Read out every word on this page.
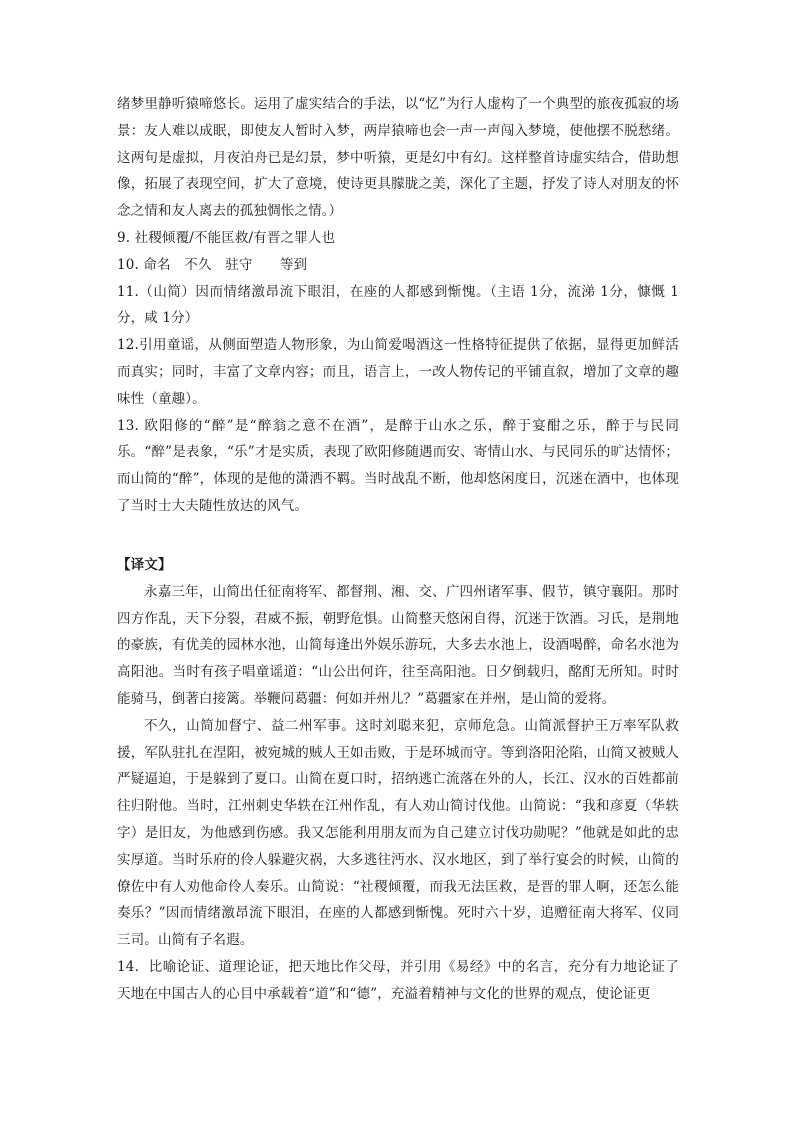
绪梦里静听猿啼悠长。运用了虚实结合的手法，以“忆”为行人虚构了一个典型的旅夜孤寂的场景：友人难以成眠，即使友人暂时入梦，两岸猿啼也会一声一声闯入梦境，使他摆不脱愁绪。这两句是虚拟，月夜泊舟已是幻景，梦中听猿，更是幻中有幻。这样整首诗虚实结合，借助想像，拓展了表现空间，扩大了意境，使诗更具朦胧之美，深化了主题，抒发了诗人对朋友的怀念之情和友人离去的孤独惆怅之情。）

9. 社稷倾覆/不能匡救/有晋之罪人也

10. 命名　不久　驻守　　等到

11.（山简）因而情绪激昂流下眼泪，在座的人都感到惭愧。（主语 1分，流涕 1分，慷慨 1分，咸 1分）

12.引用童谣，从侧面塑造人物形象，为山简爱喝酒这一性格特征提供了依据，显得更加鲜活而真实；同时，丰富了文章内容；而且，语言上，一改人物传记的平铺直叙，增加了文章的趣味性（童趣）。

13. 欧阳修的“醉”是“醉翁之意不在酒”，是醉于山水之乐，醉于宴酣之乐，醉于与民同乐。“醉”是表象，“乐”才是实质，表现了欧阳修随遇而安、寄情山水、与民同乐的旷达情怀；而山简的“醉”，体现的是他的潇洒不羁。当时战乱不断，他却悠闲度日，沉迷在酒中，也体现了当时士大夫随性放达的风气。

【译文】

永嘉三年，山简出任征南将军、都督荆、湘、交、广四州诸军事、假节，镇守襄阳。那时四方作乱，天下分裂，君威不振，朝野危惧。山简整天悠闲自得，沉迷于饮酒。习氏，是荆地的豪族，有优美的园林水池，山简每逢出外娱乐游玩，大多去水池上，设酒喝醉，命名水池为高阳池。当时有孩子唱童谣道：“山公出何许，往至高阳池。日夕倒载归，酩酊无所知。时时能骑马，倒著白接篱。举鞭问葛疆：何如并州儿？”葛疆家在并州，是山简的爱将。

不久，山简加督宁、益二州军事。这时刘聪来犯，京师危急。山简派督护王万率军队救援，军队驻扎在涅阳，被宛城的贼人王如击败，于是环城而守。等到洛阳沦陷，山简又被贼人严疑逼迫，于是躲到了夏口。山简在夏口时，招纳逃亡流落在外的人，长江、汉水的百姓都前往归附他。当时，江州刺史华轶在江州作乱，有人劝山简讨伐他。山简说：“我和彦夏（华轶字）是旧友，为他感到伤感。我又怎能利用朋友而为自己建立讨伐功勋呢？”他就是如此的忠实厚道。当时乐府的伶人躲避灾祸，大多逃往沔水、汉水地区，到了举行宴会的时候，山简的僚佐中有人劝他命伶人奏乐。山简说：“社稷倾覆，而我无法匡救，是晋的罪人啊，还怎么能奏乐？”因而情绪激昂流下眼泪，在座的人都感到惭愧。死时六十岁，追赠征南大将军、仪同三司。山简有子名遐。

14．比喻论证、道理论证，把天地比作父母，并引用《易经》中的名言，充分有力地论证了天地在中国古人的心目中承载着“道”和“德”，充溢着精神与文化的世界的观点，使论证更
